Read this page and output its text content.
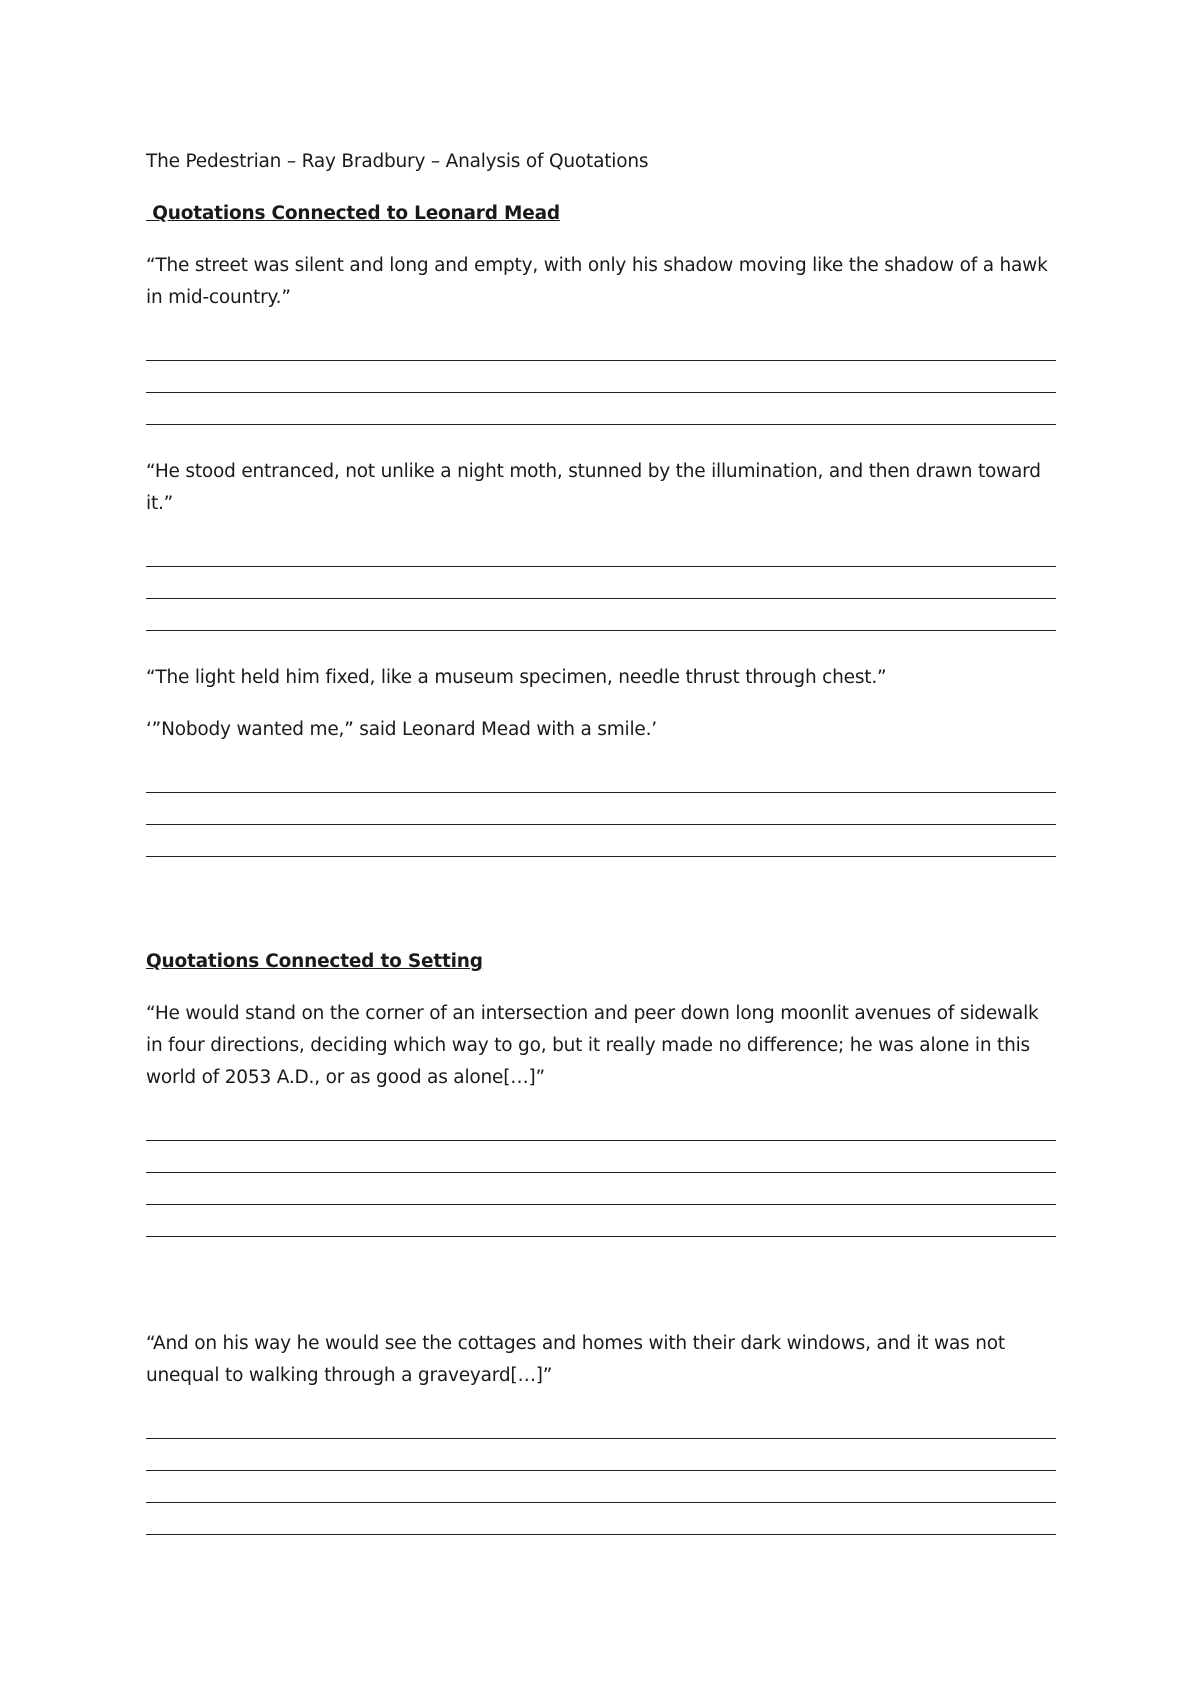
The Pedestrian – Ray Bradbury – Analysis of Quotations
Quotations Connected to Leonard Mead
“The street was silent and long and empty, with only his shadow moving like the shadow of a hawk in mid-country.”
“He stood entranced, not unlike a night moth, stunned by the illumination, and then drawn toward it.”
“The light held him fixed, like a museum specimen, needle thrust through chest.”
‘”Nobody wanted me,” said Leonard Mead with a smile.’
Quotations Connected to Setting
“He would stand on the corner of an intersection and peer down long moonlit avenues of sidewalk in four directions, deciding which way to go, but it really made no difference; he was alone in this world of 2053 A.D., or as good as alone[…]”
“And on his way he would see the cottages and homes with their dark windows, and it was not unequal to walking through a graveyard[…]”
